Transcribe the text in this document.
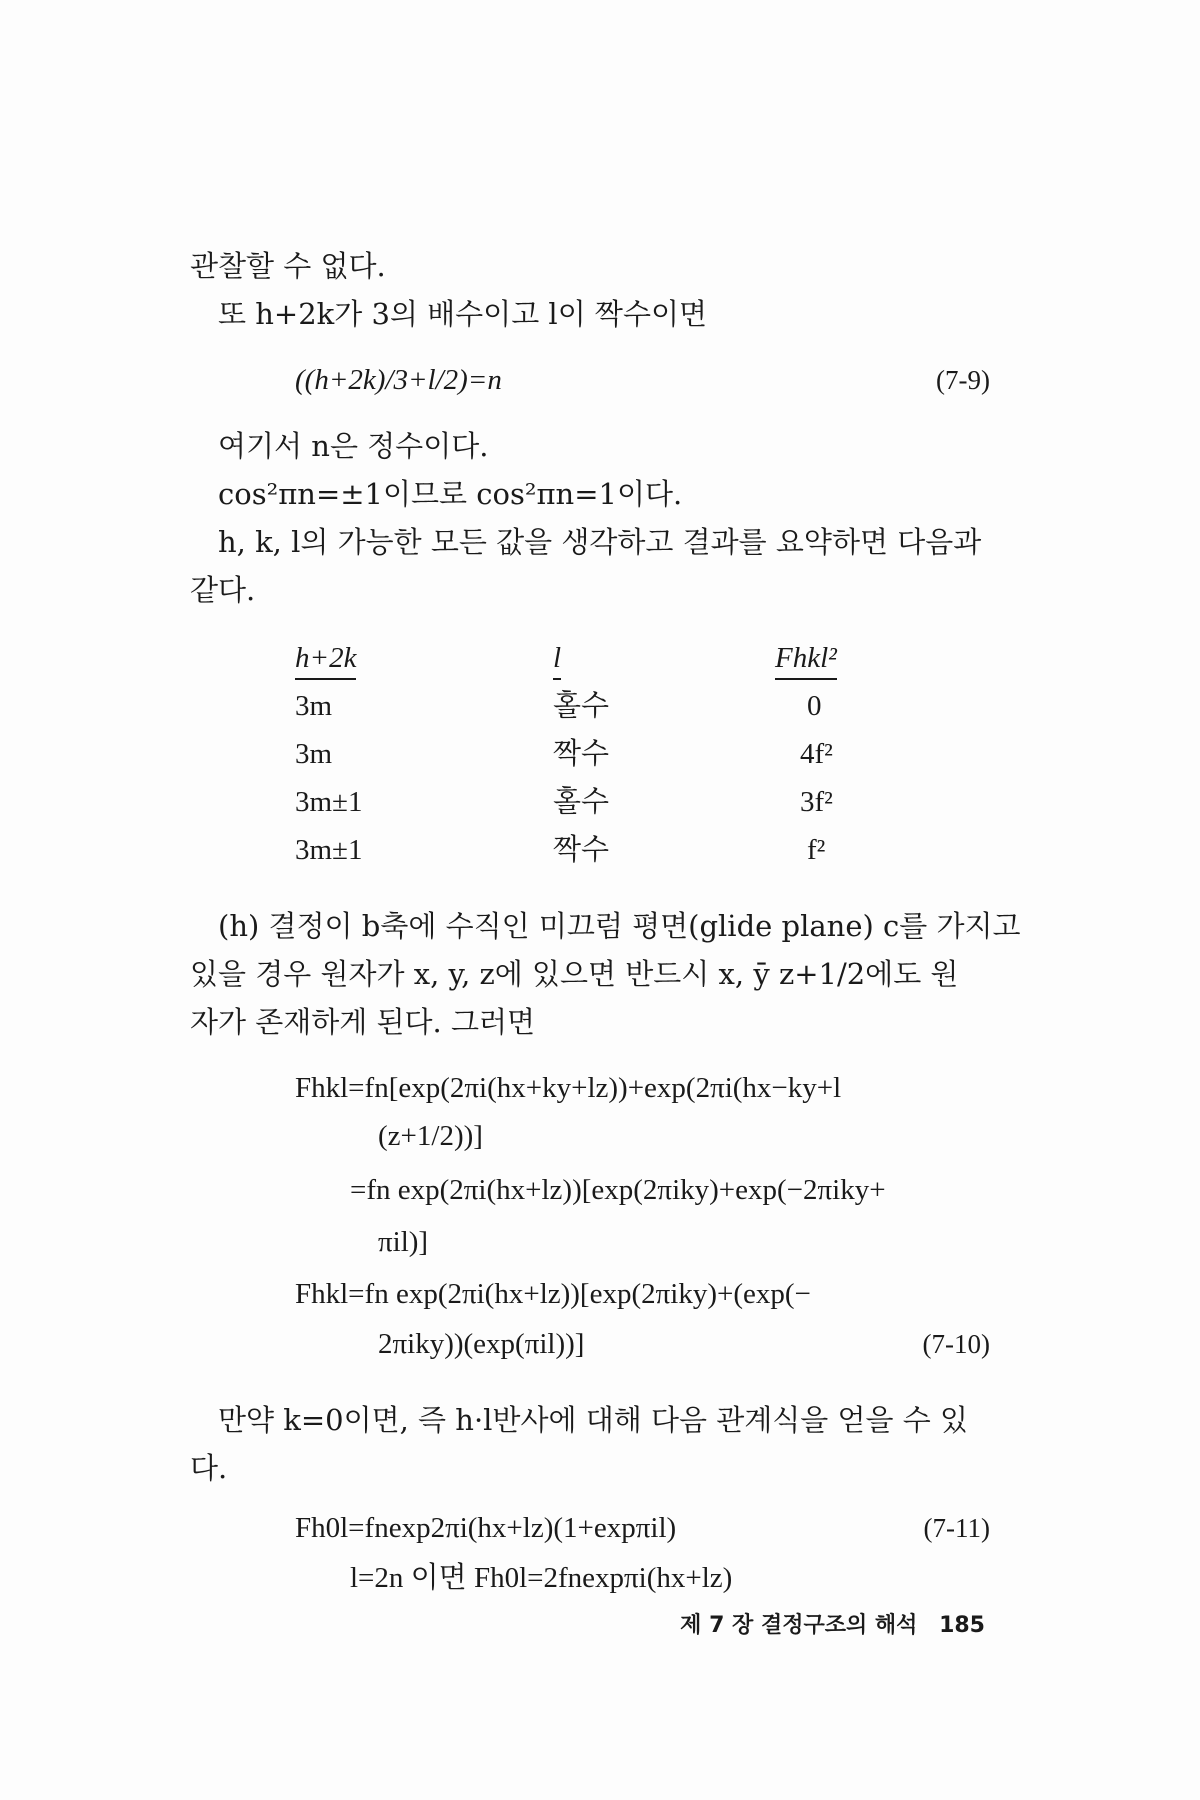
관찰할 수 없다.
또 h+2k가 3의 배수이고 l이 짝수이면
((h+2k)/3+l/2)=n	(7-9)
여기서 n은 정수이다.
cos²πn=±1이므로 cos²πn=1이다.
h, k, l의 가능한 모든 값을 생각하고 결과를 요약하면 다음과
같다.
h+2k	l	Fhkl²
3m	홀수	0
3m	짝수	4f²
3m±1	홀수	3f²
3m±1	짝수	f²
(h) 결정이 b축에 수직인 미끄럼 평면(glide plane) c를 가지고
있을 경우 원자가 x, y, z에 있으면 반드시 x, ȳ z+1/2에도 원
자가 존재하게 된다. 그러면
Fhkl=fn[exp(2πi(hx+ky+lz))+exp(2πi(hx−ky+l
(z+1/2))]
=fn exp(2πi(hx+lz))[exp(2πiky)+exp(−2πiky+
πil)]
Fhkl=fn exp(2πi(hx+lz))[exp(2πiky)+(exp(−
2πiky))(exp(πil))]	(7-10)
만약 k=0이면, 즉 h·l반사에 대해 다음 관계식을 얻을 수 있
다.
Fh0l=fnexp2πi(hx+lz)(1+expπil)	(7-11)
l=2n 이면 Fh0l=2fnexpπi(hx+lz)
제 7 장 결정구조의 해석 185
